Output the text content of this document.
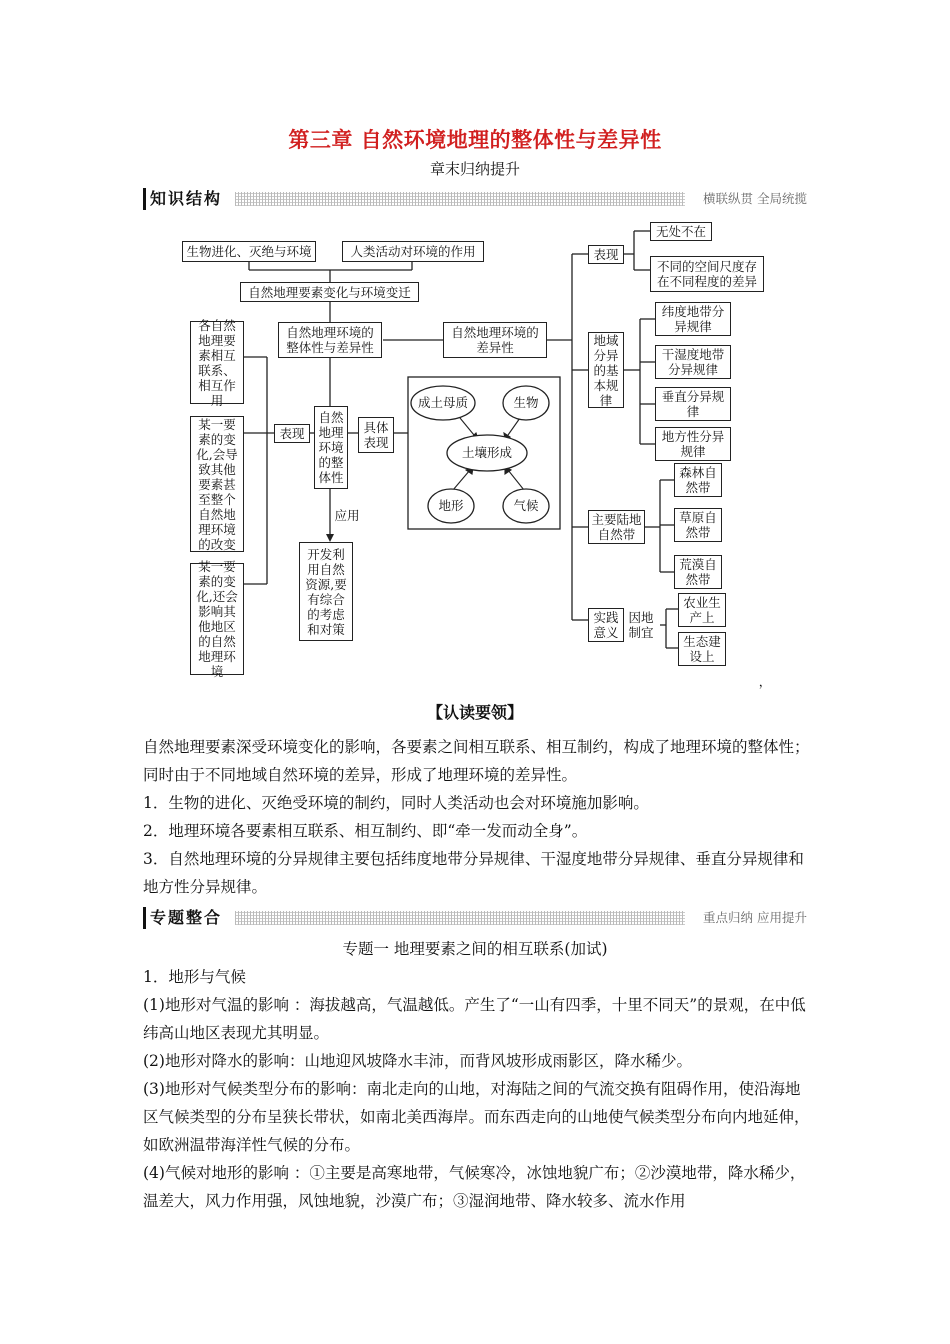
第三章 自然环境地理的整体性与差异性
章末归纳提升
知识结构	横联纵贯 全局统揽
成土母质	生物
土壤形成
地形	气候
生物进化、灭绝与环境	人类活动对环境的作用
自然地理要素变化与环境变迁
自然地理环境的整体性与差异性
自然地理环境的差异性
各自然地理要素相互联系、相互作用
某一要素的变化,会导致其他要素甚至整个自然地理环境的改变
某一要素的变化,还会影响其他地区的自然地理环境
表现
自然地理环境的整体性
具体表现
应用
开发利用自然资源,要有综合的考虑和对策
表现
无处不在
不同的空间尺度存在不同程度的差异
地域分异的基本规律
纬度地带分异规律
干湿度地带分异规律
垂直分异规律
地方性分异规律
主要陆地自然带
森林自然带
草原自然带
荒漠自然带
实践意义
因地制宜
农业生产上
生态建设上
，
【认读要领】
自然地理要素深受环境变化的影响，各要素之间相互联系、相互制约，构成了地理环境的整体性；同时由于不同地域自然环境的差异，形成了地理环境的差异性。
1．生物的进化、灭绝受环境的制约，同时人类活动也会对环境施加影响。
2．地理环境各要素相互联系、相互制约、即“牵一发而动全身”。
3．自然地理环境的分异规律主要包括纬度地带分异规律、干湿度地带分异规律、垂直分异规律和地方性分异规律。
专题整合	重点归纳 应用提升
专题一 地理要素之间的相互联系(加试)
1．地形与气候
(1)地形对气温的影响 ：海拔越高，气温越低。产生了“一山有四季，十里不同天”的景观，在中低纬高山地区表现尤其明显。
(2)地形对降水的影响：山地迎风坡降水丰沛，而背风坡形成雨影区，降水稀少。
(3)地形对气候类型分布的影响：南北走向的山地，对海陆之间的气流交换有阻碍作用，使沿海地区气候类型的分布呈狭长带状，如南北美西海岸。而东西走向的山地使气候类型分布向内地延伸，如欧洲温带海洋性气候的分布。
(4)气候对地形的影响 ：①主要是高寒地带，气候寒冷，冰蚀地貌广布；②沙漠地带，降水稀少，温差大，风力作用强，风蚀地貌，沙漠广布；③湿润地带、降水较多、流水作用
